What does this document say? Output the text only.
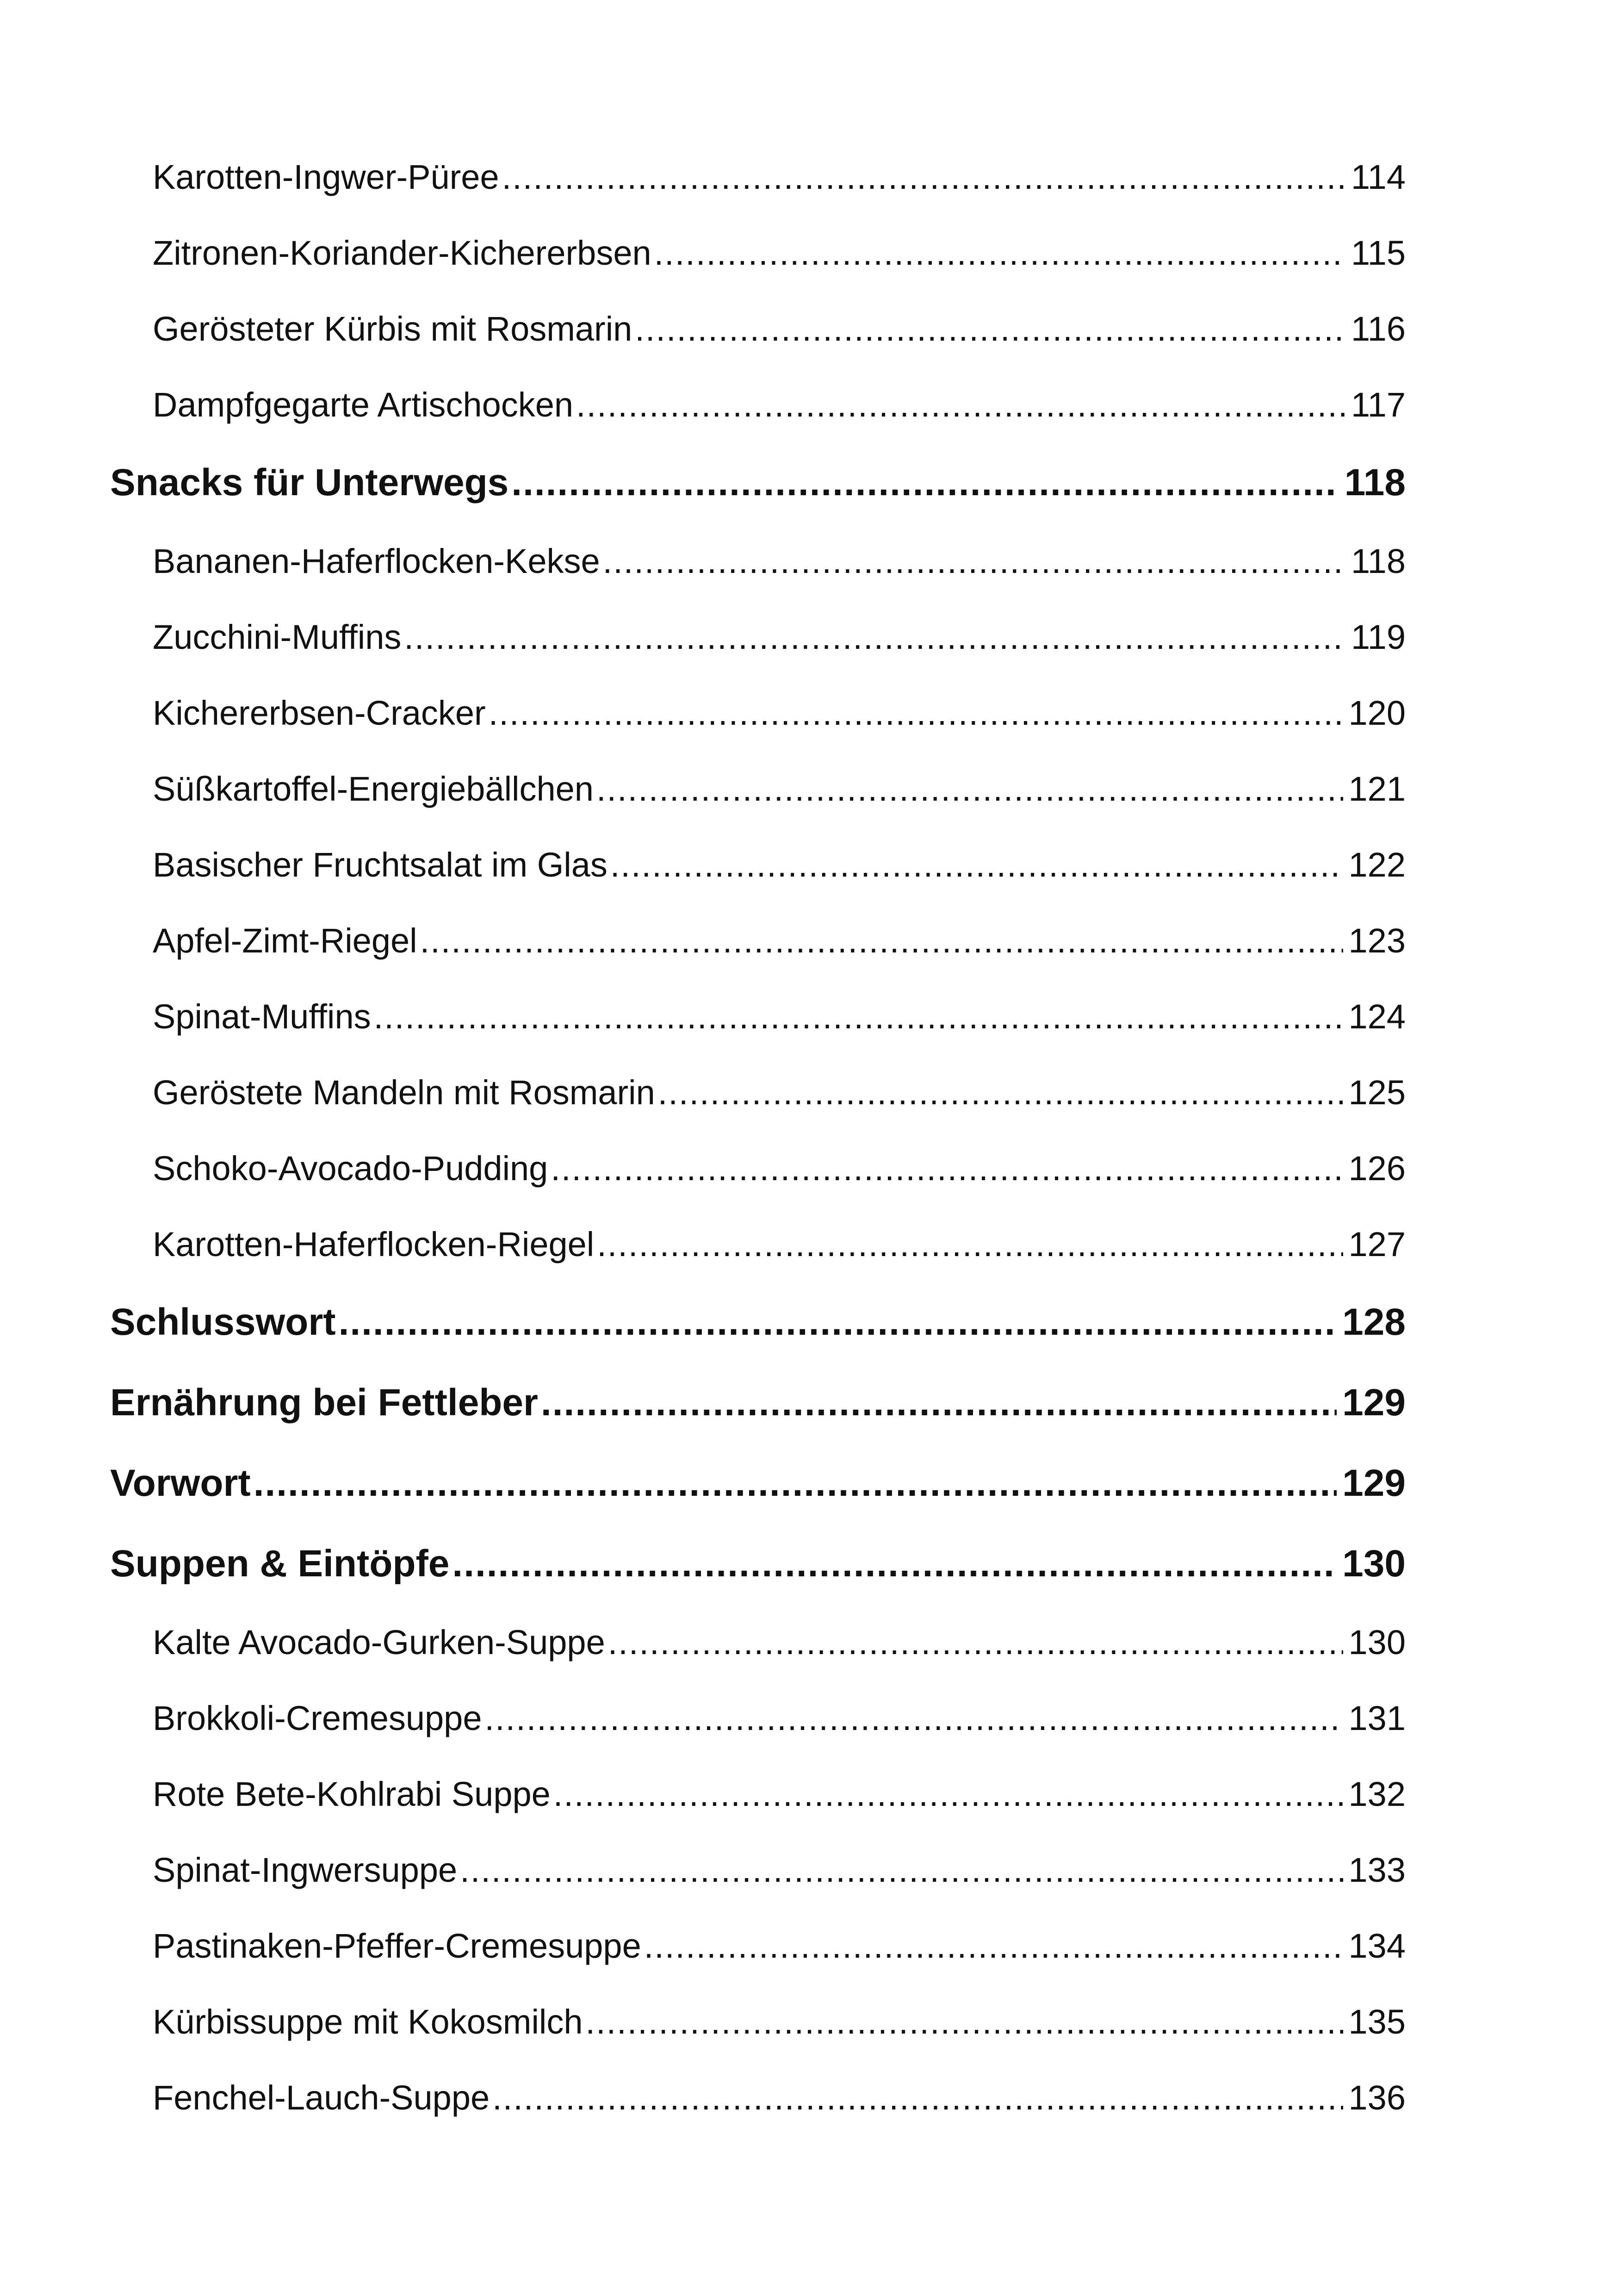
Karotten-Ingwer-Püree .....	114
Zitronen-Koriander-Kichererbsen .....	115
Gerösteter Kürbis mit Rosmarin .....	116
Dampfgegarte Artischocken .....	117
Snacks für Unterwegs .....	118
Bananen-Haferflocken-Kekse .....	118
Zucchini-Muffins .....	119
Kichererbsen-Cracker .....	120
Süßkartoffel-Energiebällchen .....	121
Basischer Fruchtsalat im Glas .....	122
Apfel-Zimt-Riegel .....	123
Spinat-Muffins .....	124
Geröstete Mandeln mit Rosmarin .....	125
Schoko-Avocado-Pudding .....	126
Karotten-Haferflocken-Riegel .....	127
Schlusswort .....	128
Ernährung bei Fettleber .....	129
Vorwort .....	129
Suppen & Eintöpfe .....	130
Kalte Avocado-Gurken-Suppe .....	130
Brokkoli-Cremesuppe .....	131
Rote Bete-Kohlrabi Suppe .....	132
Spinat-Ingwersuppe .....	133
Pastinaken-Pfeffer-Cremesuppe .....	134
Kürbissuppe mit Kokosmilch .....	135
Fenchel-Lauch-Suppe .....	136
